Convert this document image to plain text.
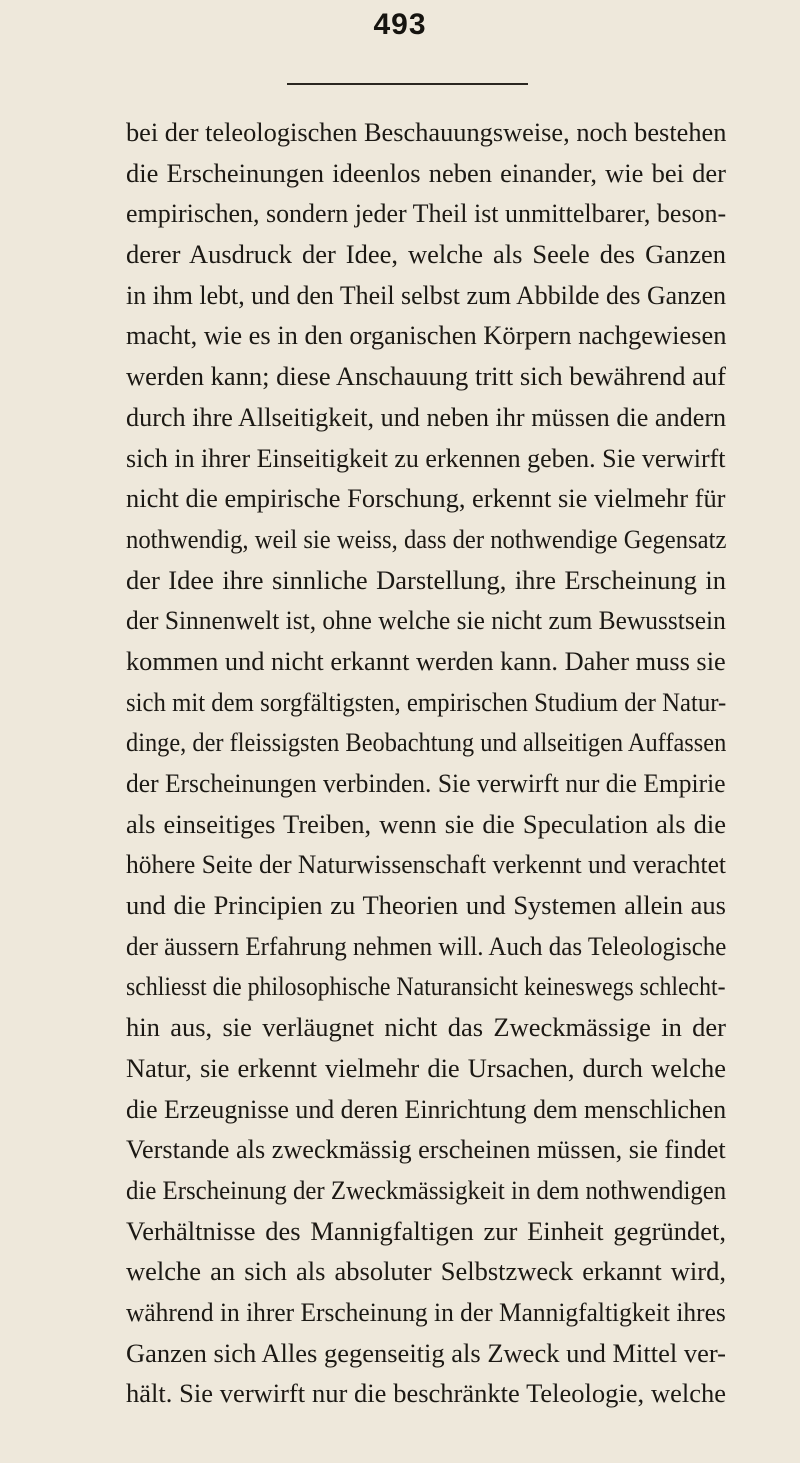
493
bei der teleologischen Beschauungsweise, noch bestehen
die Erscheinungen ideenlos neben einander, wie bei der
empirischen, sondern jeder Theil ist unmittelbarer, beson-
derer Ausdruck der Idee, welche als Seele des Ganzen
in ihm lebt, und den Theil selbst zum Abbilde des Ganzen
macht, wie es in den organischen Körpern nachgewiesen
werden kann; diese Anschauung tritt sich bewährend auf
durch ihre Allseitigkeit, und neben ihr müssen die andern
sich in ihrer Einseitigkeit zu erkennen geben. Sie verwirft
nicht die empirische Forschung, erkennt sie vielmehr für
nothwendig, weil sie weiss, dass der nothwendige Gegensatz
der Idee ihre sinnliche Darstellung, ihre Erscheinung in
der Sinnenwelt ist, ohne welche sie nicht zum Bewusstsein
kommen und nicht erkannt werden kann. Daher muss sie
sich mit dem sorgfältigsten, empirischen Studium der Natur-
dinge, der fleissigsten Beobachtung und allseitigen Auffassen
der Erscheinungen verbinden. Sie verwirft nur die Empirie
als einseitiges Treiben, wenn sie die Speculation als die
höhere Seite der Naturwissenschaft verkennt und verachtet
und die Principien zu Theorien und Systemen allein aus
der äussern Erfahrung nehmen will. Auch das Teleologische
schliesst die philosophische Naturansicht keineswegs schlecht-
hin aus, sie verläugnet nicht das Zweckmässige in der
Natur, sie erkennt vielmehr die Ursachen, durch welche
die Erzeugnisse und deren Einrichtung dem menschlichen
Verstande als zweckmässig erscheinen müssen, sie findet
die Erscheinung der Zweckmässigkeit in dem nothwendigen
Verhältnisse des Mannigfaltigen zur Einheit gegründet,
welche an sich als absoluter Selbstzweck erkannt wird,
während in ihrer Erscheinung in der Mannigfaltigkeit ihres
Ganzen sich Alles gegenseitig als Zweck und Mittel ver-
hält. Sie verwirft nur die beschränkte Teleologie, welche
